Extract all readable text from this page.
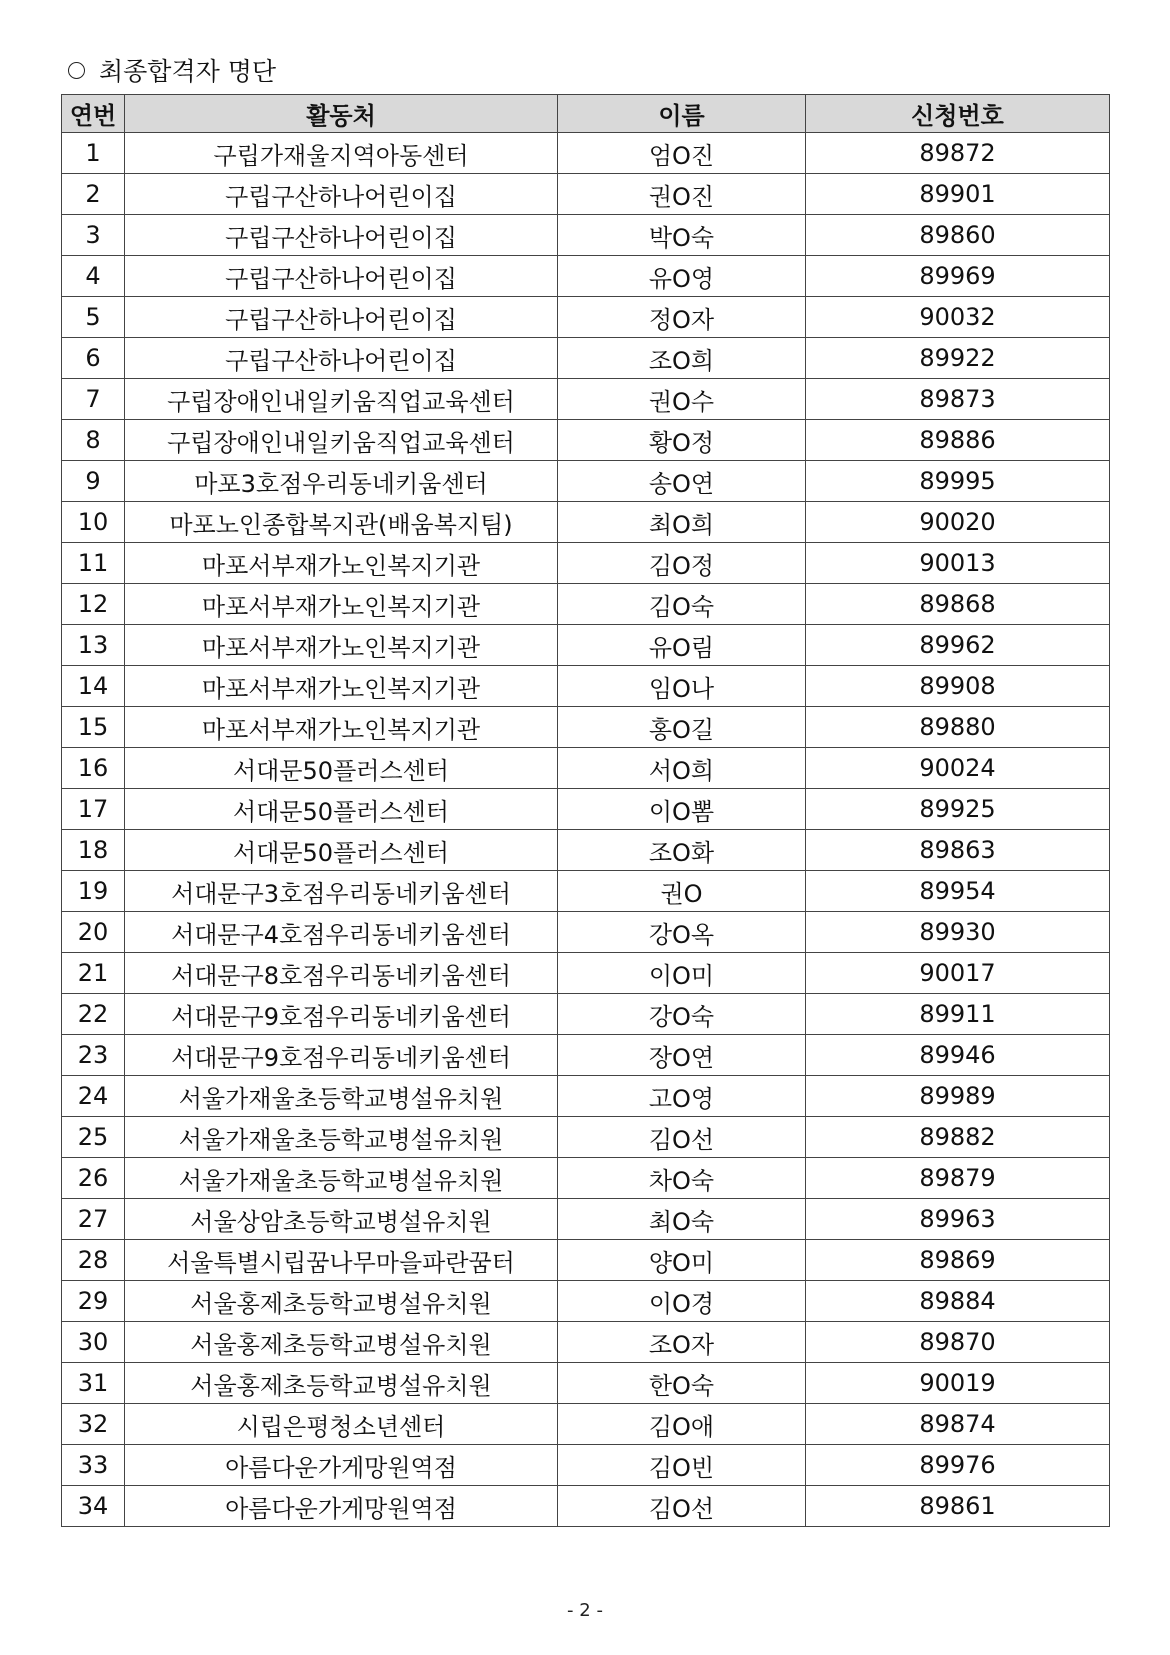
최종합격자 명단
연번	활동처	이름	신청번호
1	구립가재울지역아동센터	엄O진	89872
2	구립구산하나어린이집	권O진	89901
3	구립구산하나어린이집	박O숙	89860
4	구립구산하나어린이집	유O영	89969
5	구립구산하나어린이집	정O자	90032
6	구립구산하나어린이집	조O희	89922
7	구립장애인내일키움직업교육센터	권O수	89873
8	구립장애인내일키움직업교육센터	황O정	89886
9	마포3호점우리동네키움센터	송O연	89995
10	마포노인종합복지관(배움복지팀)	최O희	90020
11	마포서부재가노인복지기관	김O정	90013
12	마포서부재가노인복지기관	김O숙	89868
13	마포서부재가노인복지기관	유O림	89962
14	마포서부재가노인복지기관	임O나	89908
15	마포서부재가노인복지기관	홍O길	89880
16	서대문50플러스센터	서O희	90024
17	서대문50플러스센터	이O뽐	89925
18	서대문50플러스센터	조O화	89863
19	서대문구3호점우리동네키움센터	권O	89954
20	서대문구4호점우리동네키움센터	강O옥	89930
21	서대문구8호점우리동네키움센터	이O미	90017
22	서대문구9호점우리동네키움센터	강O숙	89911
23	서대문구9호점우리동네키움센터	장O연	89946
24	서울가재울초등학교병설유치원	고O영	89989
25	서울가재울초등학교병설유치원	김O선	89882
26	서울가재울초등학교병설유치원	차O숙	89879
27	서울상암초등학교병설유치원	최O숙	89963
28	서울특별시립꿈나무마을파란꿈터	양O미	89869
29	서울홍제초등학교병설유치원	이O경	89884
30	서울홍제초등학교병설유치원	조O자	89870
31	서울홍제초등학교병설유치원	한O숙	90019
32	시립은평청소년센터	김O애	89874
33	아름다운가게망원역점	김O빈	89976
34	아름다운가게망원역점	김O선	89861
- 2 -
